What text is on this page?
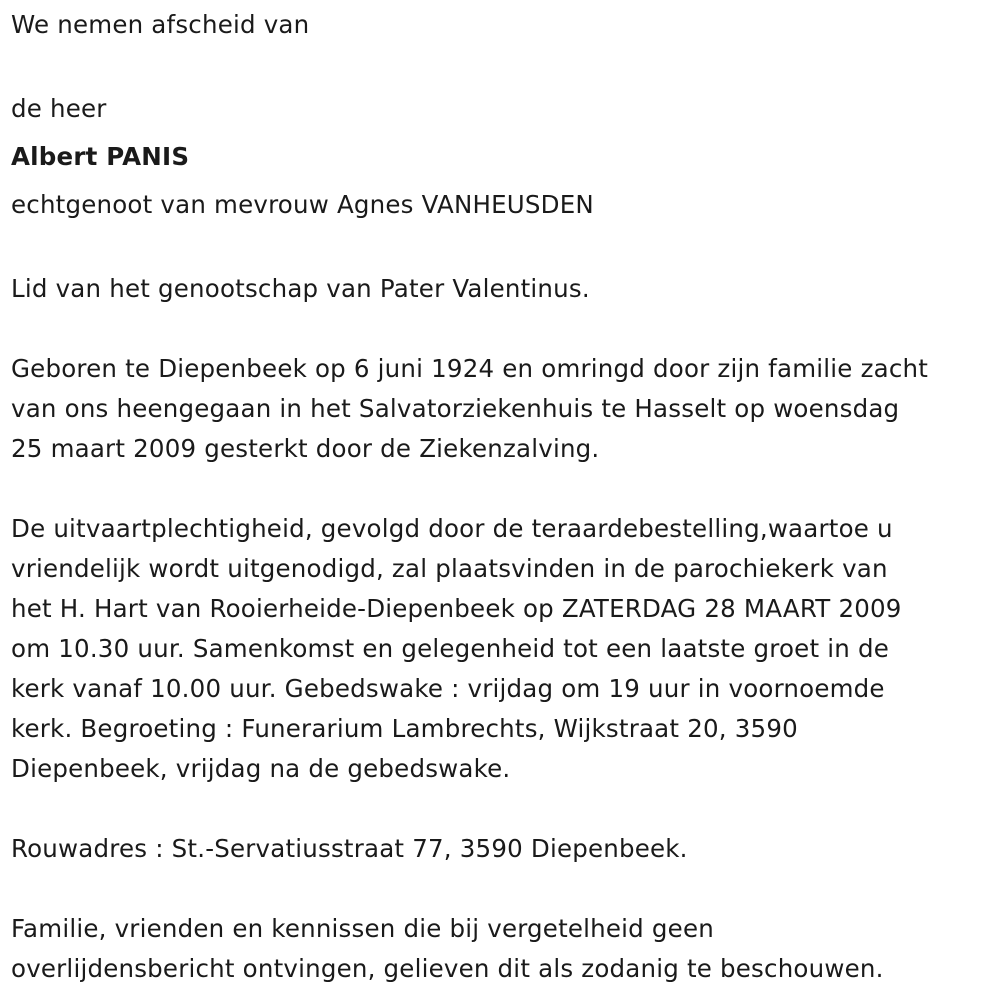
We nemen afscheid van

de heer

Albert PANIS

echtgenoot van mevrouw Agnes VANHEUSDEN

Lid van het genootschap van Pater Valentinus.

Geboren te Diepenbeek op 6 juni 1924 en omringd door zijn familie zacht

van ons heengegaan in het Salvatorziekenhuis te Hasselt op woensdag

25 maart 2009 gesterkt door de Ziekenzalving.

De uitvaartplechtigheid, gevolgd door de teraardebestelling,waartoe u

vriendelijk wordt uitgenodigd, zal plaatsvinden in de parochiekerk van

het H. Hart van Rooierheide-Diepenbeek op ZATERDAG 28 MAART 2009

om 10.30 uur. Samenkomst en gelegenheid tot een laatste groet in de

kerk vanaf 10.00 uur. Gebedswake : vrijdag om 19 uur in voornoemde

kerk. Begroeting : Funerarium Lambrechts, Wijkstraat 20, 3590

Diepenbeek, vrijdag na de gebedswake.

Rouwadres : St.-Servatiusstraat 77, 3590 Diepenbeek.

Familie, vrienden en kennissen die bij vergetelheid geen

overlijdensbericht ontvingen, gelieven dit als zodanig te beschouwen.
